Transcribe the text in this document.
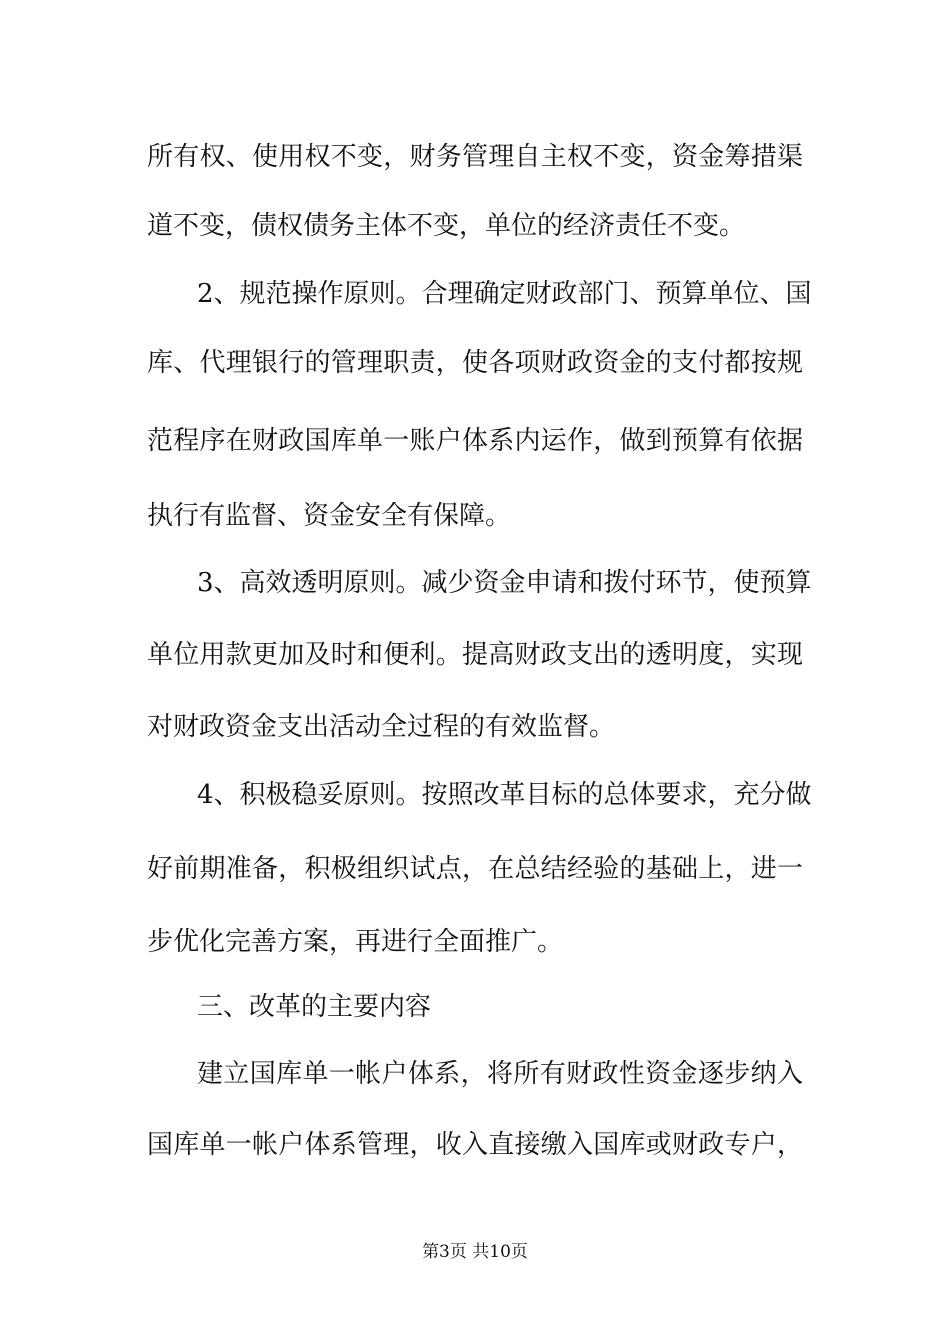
所有权、使用权不变，财务管理自主权不变，资金筹措渠
道不变，债权债务主体不变，单位的经济责任不变。
2、规范操作原则。合理确定财政部门、预算单位、国
库、代理银行的管理职责，使各项财政资金的支付都按规
范程序在财政国库单一账户体系内运作，做到预算有依据
执行有监督、资金安全有保障。
3、高效透明原则。减少资金申请和拨付环节，使预算
单位用款更加及时和便利。提高财政支出的透明度，实现
对财政资金支出活动全过程的有效监督。
4、积极稳妥原则。按照改革目标的总体要求，充分做
好前期准备，积极组织试点，在总结经验的基础上，进一
步优化完善方案，再进行全面推广。
三、改革的主要内容
建立国库单一帐户体系，将所有财政性资金逐步纳入
国库单一帐户体系管理，收入直接缴入国库或财政专户，
第3页 共10页
